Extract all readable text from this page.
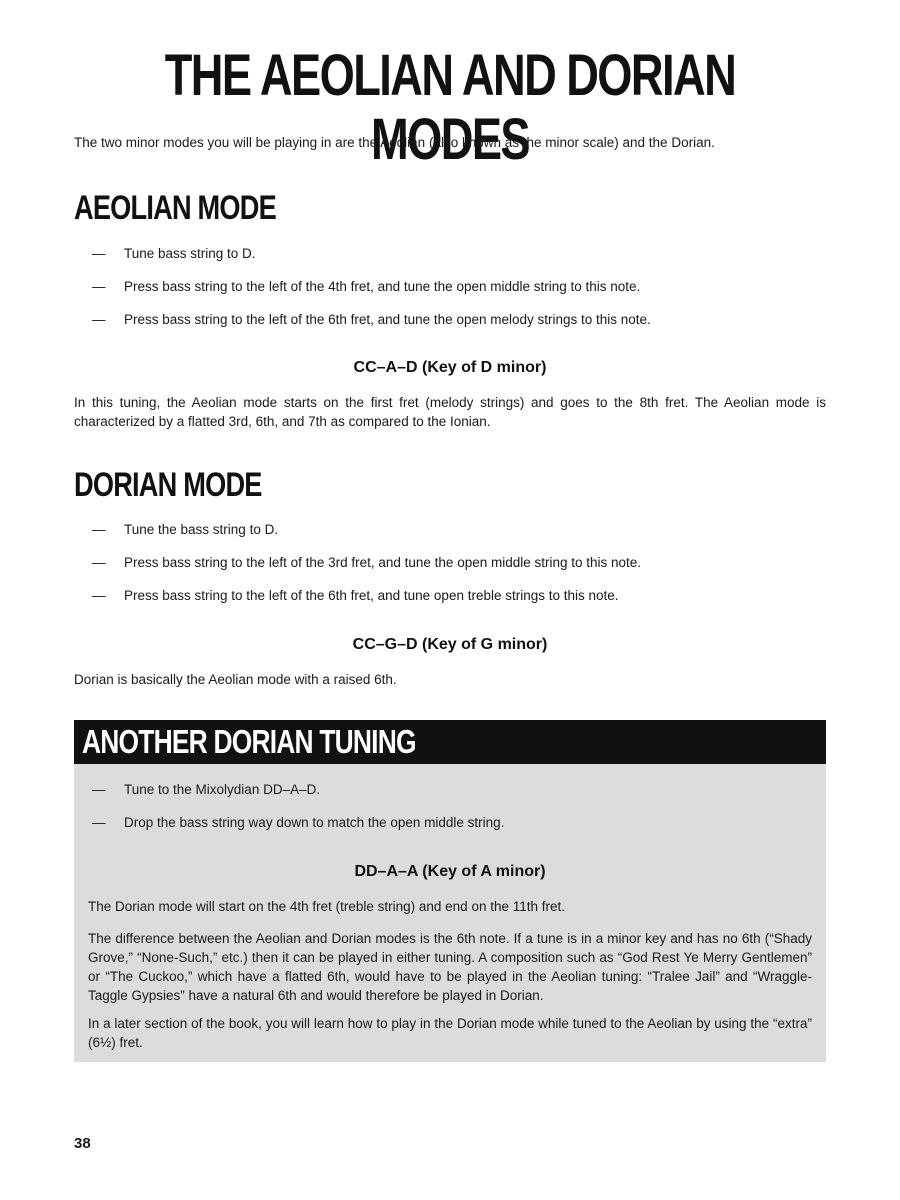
THE AEOLIAN AND DORIAN MODES
The two minor modes you will be playing in are the Aeolian (also known as the minor scale) and the Dorian.
AEOLIAN MODE
— Tune bass string to D.
— Press bass string to the left of the 4th fret, and tune the open middle string to this note.
— Press bass string to the left of the 6th fret, and tune the open melody strings to this note.
CC–A–D (Key of D minor)

In this tuning, the Aeolian mode starts on the first fret (melody strings) and goes to the 8th fret. The Aeolian mode is characterized by a flatted 3rd, 6th, and 7th as compared to the Ionian.

DORIAN MODE
— Tune the bass string to D.
— Press bass string to the left of the 3rd fret, and tune the open middle string to this note.
— Press bass string to the left of the 6th fret, and tune open treble strings to this note.
CC–G–D (Key of G minor)

Dorian is basically the Aeolian mode with a raised 6th.

ANOTHER DORIAN TUNING
— Tune to the Mixolydian DD–A–D.
— Drop the bass string way down to match the open middle string.
DD–A–A (Key of A minor)

The Dorian mode will start on the 4th fret (treble string) and end on the 11th fret.

The difference between the Aeolian and Dorian modes is the 6th note. If a tune is in a minor key and has no 6th (“Shady Grove,” “None-Such,” etc.) then it can be played in either tuning. A composition such as “God Rest Ye Merry Gentlemen” or “The Cuckoo,” which have a flatted 6th, would have to be played in the Aeolian tuning: “Tralee Jail” and “Wraggle-Taggle Gypsies” have a natural 6th and would therefore be played in Dorian.

In a later section of the book, you will learn how to play in the Dorian mode while tuned to the Aeolian by using the “extra” (6½) fret.

38
